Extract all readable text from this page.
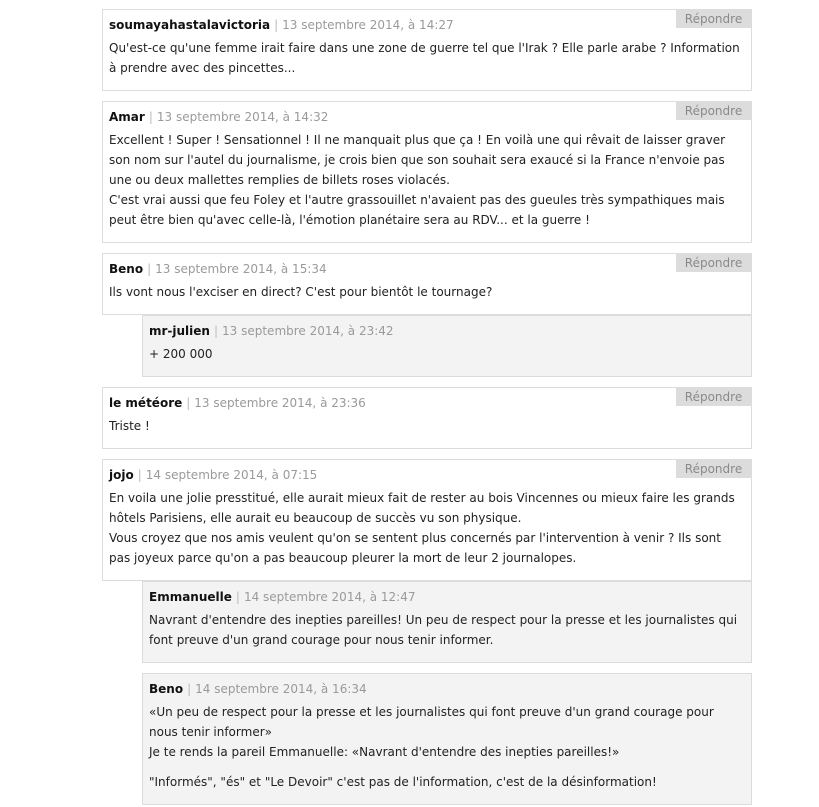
soumayahastalavictoria | 13 septembre 2014, à 14:27	Répondre

Qu'est-ce qu'une femme irait faire dans une zone de guerre tel que l'Irak ? Elle parle arabe ? Information à prendre avec des pincettes...

Amar | 13 septembre 2014, à 14:32	Répondre

Excellent ! Super ! Sensationnel ! Il ne manquait plus que ça ! En voilà une qui rêvait de laisser graver son nom sur l'autel du journalisme, je crois bien que son souhait sera exaucé si la France n'envoie pas une ou deux mallettes remplies de billets roses violacés.

C'est vrai aussi que feu Foley et l'autre grassouillet n'avaient pas des gueules très sympathiques mais peut être bien qu'avec celle-là, l'émotion planétaire sera au RDV... et la guerre !

Beno | 13 septembre 2014, à 15:34	Répondre

Ils vont nous l'exciser en direct? C'est pour bientôt le tournage?

mr-julien | 13 septembre 2014, à 23:42

+ 200 000

le météore | 13 septembre 2014, à 23:36	Répondre

Triste !

jojo | 14 septembre 2014, à 07:15	Répondre

En voila une jolie presstitué, elle aurait mieux fait de rester au bois Vincennes ou mieux faire les grands hôtels Parisiens, elle aurait eu beaucoup de succès vu son physique.

Vous croyez que nos amis veulent qu'on se sentent plus concernés par l'intervention à venir ? Ils sont pas joyeux parce qu'on a pas beaucoup pleurer la mort de leur 2 journalopes.

Emmanuelle | 14 septembre 2014, à 12:47

Navrant d'entendre des inepties pareilles! Un peu de respect pour la presse et les journalistes qui font preuve d'un grand courage pour nous tenir informer.

Beno | 14 septembre 2014, à 16:34

«Un peu de respect pour la presse et les journalistes qui font preuve d'un grand courage pour nous tenir informer»

Je te rends la pareil Emmanuelle: «Navrant d'entendre des inepties pareilles!»

"Informés", "és" et "Le Devoir" c'est pas de l'information, c'est de la désinformation!
